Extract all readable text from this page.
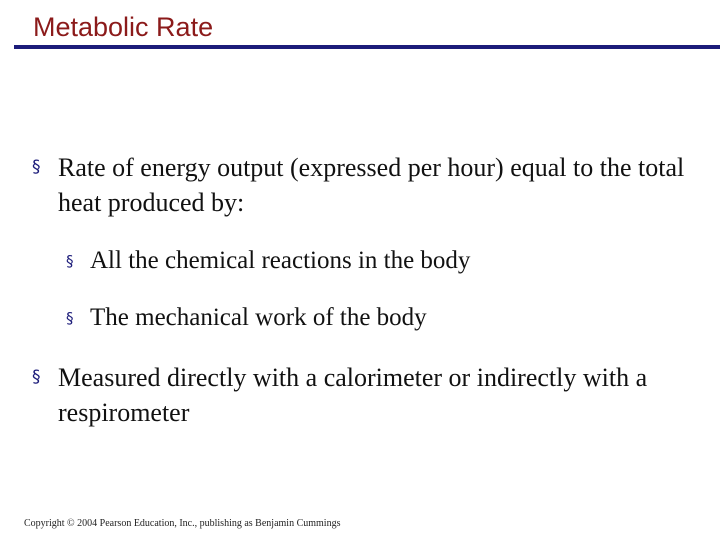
Metabolic Rate
§ Rate of energy output (expressed per hour) equal to the total heat produced by:
§ All the chemical reactions in the body
§ The mechanical work of the body
§ Measured directly with a calorimeter or indirectly with a respirometer
Copyright © 2004 Pearson Education, Inc., publishing as Benjamin Cummings
